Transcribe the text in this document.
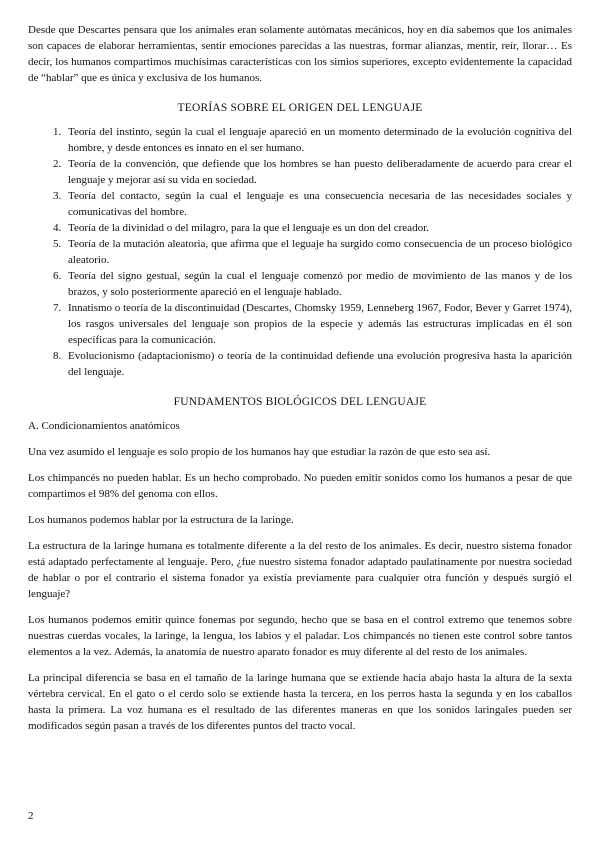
Desde que Descartes pensara que los animales eran solamente autómatas mecánicos, hoy en día sabemos que los animales son capaces de elaborar herramientas, sentir emociones parecidas a las nuestras, formar alianzas, mentir, reír, llorar… Es decir, los humanos compartimos muchísimas características con los simios superiores, excepto evidentemente la capacidad de “hablar” que es única y exclusiva de los humanos.

TEORÍAS SOBRE EL ORIGEN DEL LENGUAJE
1. Teoría del instinto, según la cual el lenguaje apareció en un momento determinado de la evolución cognitiva del hombre, y desde entonces es innato en el ser humano.
2. Teoría de la convención, que defiende que los hombres se han puesto deliberadamente de acuerdo para crear el lenguaje y mejorar así su vida en sociedad.
3. Teoría del contacto, según la cual el lenguaje es una consecuencia necesaria de las necesidades sociales y comunicativas del hombre.
4. Teoría de la divinidad o del milagro, para la que el lenguaje es un don del creador.
5. Teoría de la mutación aleatoria, que afirma que el leguaje ha surgido como consecuencia de un proceso biológico aleatorio.
6. Teoría del signo gestual, según la cual el lenguaje comenzó por medio de movimiento de las manos y de los brazos, y solo posteriormente apareció en el lenguaje hablado.
7. Innatismo o teoría de la discontinuidad (Descartes, Chomsky 1959, Lenneberg 1967, Fodor, Bever y Garret 1974), los rasgos universales del lenguaje son propios de la especie y además las estructuras implicadas en él son específicas para la comunicación.
8. Evolucionismo (adaptacionismo) o teoría de la continuidad defiende una evolución progresiva hasta la aparición del lenguaje.
FUNDAMENTOS BIOLÓGICOS DEL LENGUAJE

A. Condicionamientos anatómicos

Una vez asumido el lenguaje es solo propio de los humanos hay que estudiar la razón de que esto sea así.

Los chimpancés no pueden hablar. Es un hecho comprobado. No pueden emitir sonidos como los humanos a pesar de que compartimos el 98% del genoma con ellos.

Los humanos podemos hablar por la estructura de la laringe.

La estructura de la laringe humana es totalmente diferente a la del resto de los animales. Es decir, nuestro sistema fonador está adaptado perfectamente al lenguaje. Pero, ¿fue nuestro sistema fonador adaptado paulatinamente por nuestra sociedad de hablar o por el contrario el sistema fonador ya existía previamente para cualquier otra función y después surgió el lenguaje?

Los humanos podemos emitir quince fonemas por segundo, hecho que se basa en el control extremo que tenemos sobre nuestras cuerdas vocales, la laringe, la lengua, los labios y el paladar. Los chimpancés no tienen este control sobre tantos elementos a la vez. Además, la anatomía de nuestro aparato fonador es muy diferente al del resto de los animales.

La principal diferencia se basa en el tamaño de la laringe humana que se extiende hacia abajo hasta la altura de la sexta vértebra cervical. En el gato o el cerdo solo se extiende hasta la tercera, en los perros hasta la segunda y en los caballos hasta la primera. La voz humana es el resultado de las diferentes maneras en que los sonidos laringales pueden ser modificados según pasan a través de los diferentes puntos del tracto vocal.

2
